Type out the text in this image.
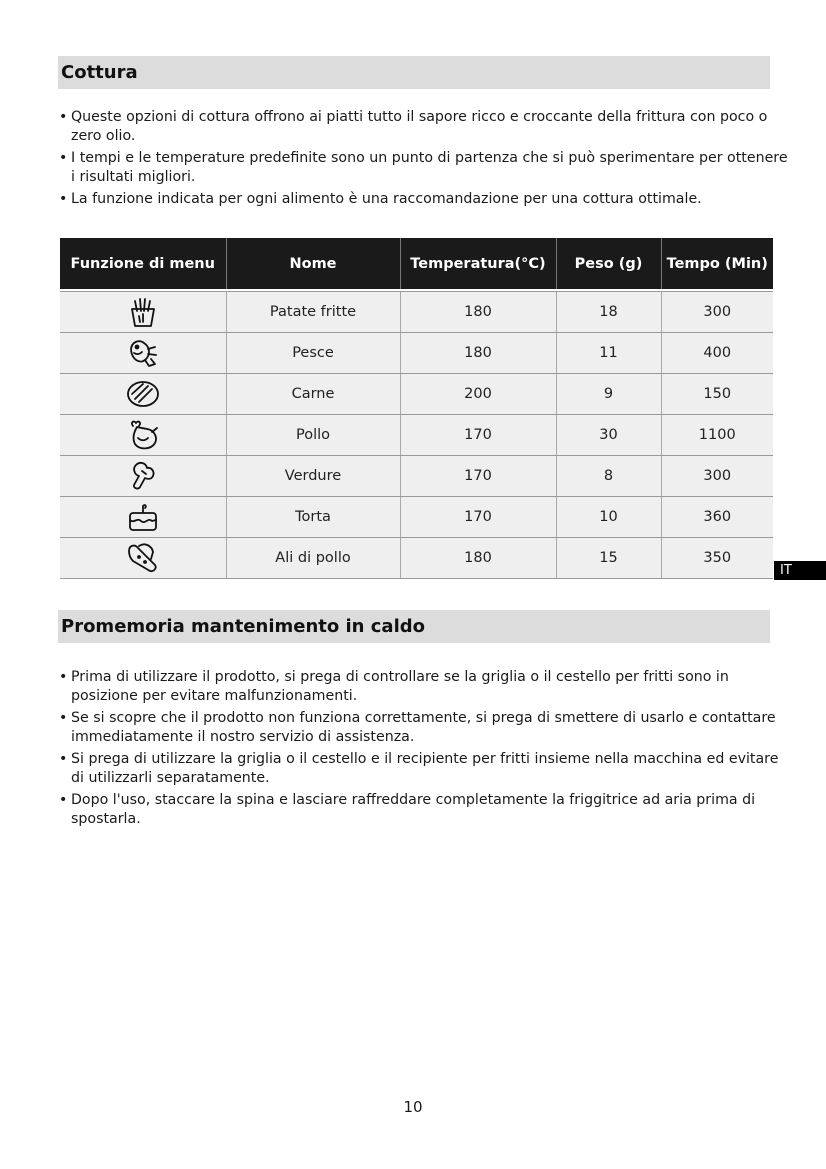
Cottura
• Queste opzioni di cottura offrono ai piatti tutto il sapore ricco e croccante della frittura con poco o zero olio.
• I tempi e le temperature predefinite sono un punto di partenza che si può sperimentare per ottenere i risultati migliori.
• La funzione indicata per ogni alimento è una raccomandazione per una cottura ottimale.
Funzione di menu	Nome	Temperatura(°C)	Peso (g)	Tempo (Min)

	Patate fritte	180	18	300

	Pesce	180	11	400

	Carne	200	9	150

	Pollo	170	30	1100

	Verdure	170	8	300

	Torta	170	10	360

	Ali di pollo	180	15	350
IT
Promemoria mantenimento in caldo
• Prima di utilizzare il prodotto, si prega di controllare se la griglia o il cestello per fritti sono in posizione per evitare malfunzionamenti.
• Se si scopre che il prodotto non funziona correttamente, si prega di smettere di usarlo e contattare immediatamente il nostro servizio di assistenza.
• Si prega di utilizzare la griglia o il cestello e il recipiente per fritti insieme nella macchina ed evitare di utilizzarli separatamente.
• Dopo l'uso, staccare la spina e lasciare raffreddare completamente la friggitrice ad aria prima di spostarla.
10
